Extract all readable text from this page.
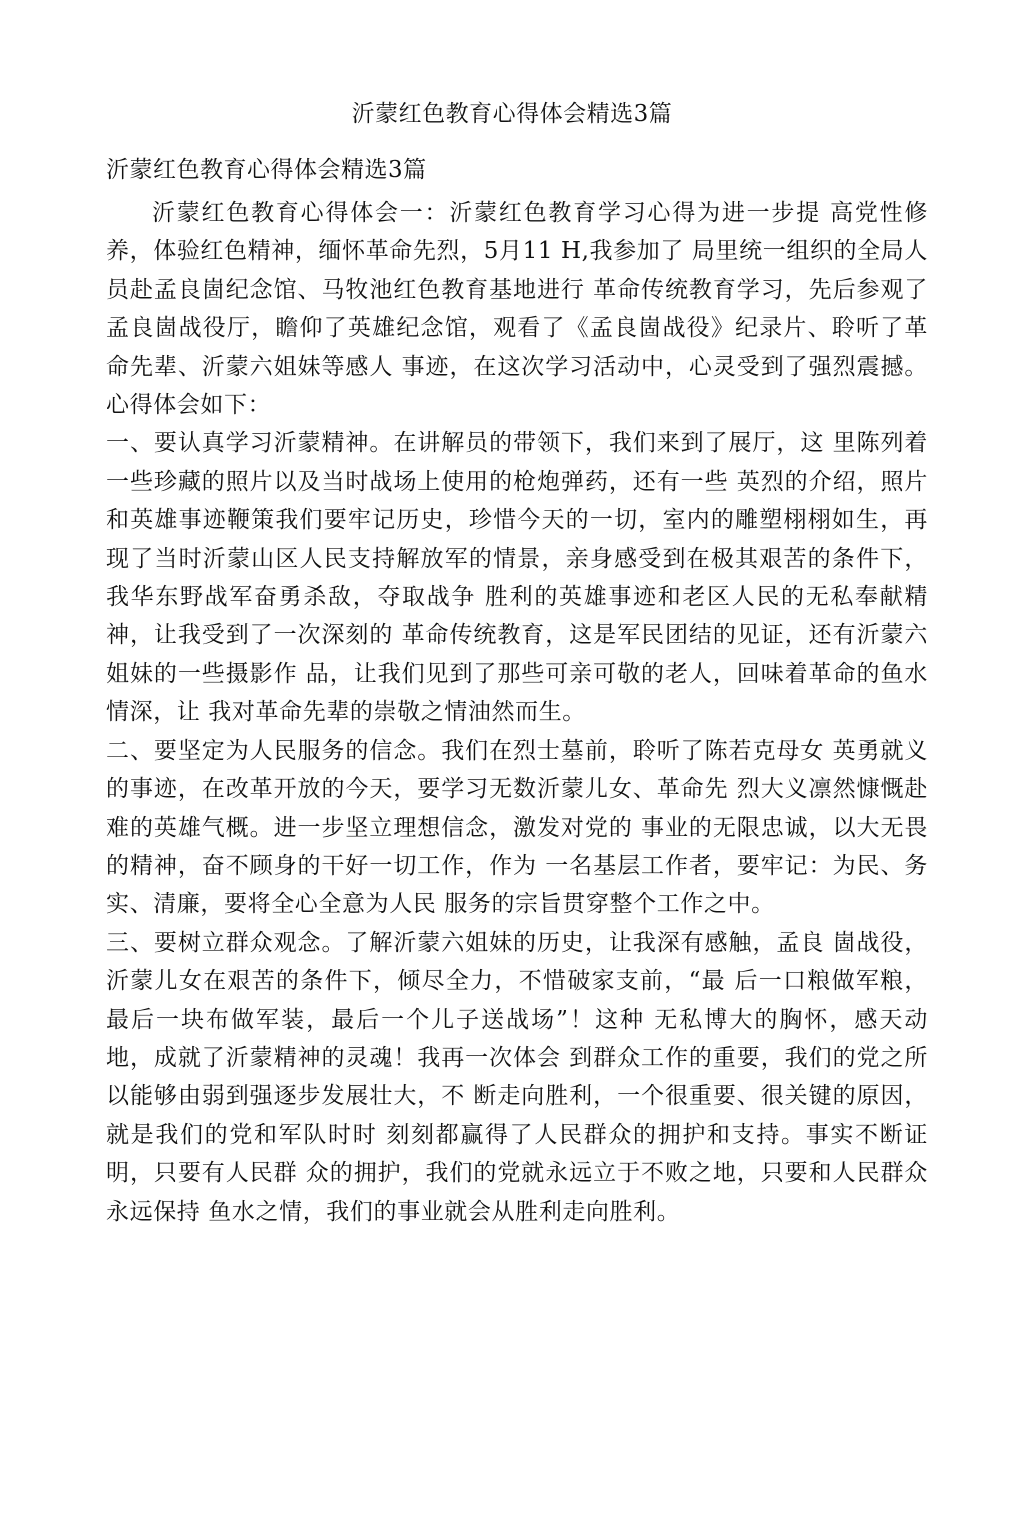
沂蒙红色教育心得体会精选3篇
沂蒙红色教育心得体会精选3篇

沂蒙红色教育心得体会一：沂蒙红色教育学习心得为进一步提 高党性修养，体验红色精神，缅怀革命先烈，5月11 H,我参加了 局里统一组织的全局人员赴孟良崮纪念馆、马牧池红色教育基地进行 革命传统教育学习，先后参观了孟良崮战役厅，瞻仰了英雄纪念馆，观看了《孟良崮战役》纪录片、聆听了革命先辈、沂蒙六姐妹等感人 事迹，在这次学习活动中，心灵受到了强烈震撼。心得体会如下：

一、要认真学习沂蒙精神。在讲解员的带领下，我们来到了展厅，这 里陈列着一些珍藏的照片以及当时战场上使用的枪炮弹药，还有一些 英烈的介绍，照片和英雄事迹鞭策我们要牢记历史，珍惜今天的一切，室内的雕塑栩栩如生，再现了当时沂蒙山区人民支持解放军的情景，亲身感受到在极其艰苦的条件下，我华东野战军奋勇杀敌，夺取战争 胜利的英雄事迹和老区人民的无私奉献精神，让我受到了一次深刻的 革命传统教育，这是军民团结的见证，还有沂蒙六姐妹的一些摄影作 品，让我们见到了那些可亲可敬的老人，回味着革命的鱼水情深，让 我对革命先辈的崇敬之情油然而生。

二、要坚定为人民服务的信念。我们在烈士墓前，聆听了陈若克母女 英勇就义的事迹，在改革开放的今天，要学习无数沂蒙儿女、革命先 烈大义凛然慷慨赴难的英雄气概。进一步坚立理想信念，激发对党的 事业的无限忠诚，以大无畏的精神，奋不顾身的干好一切工作，作为 一名基层工作者，要牢记：为民、务实、清廉，要将全心全意为人民 服务的宗旨贯穿整个工作之中。

三、要树立群众观念。了解沂蒙六姐妹的历史，让我深有感触，孟良 崮战役，沂蒙儿女在艰苦的条件下，倾尽全力，不惜破家支前，“最 后一口粮做军粮，最后一块布做军装，最后一个儿子送战场”！这种 无私博大的胸怀，感天动地，成就了沂蒙精神的灵魂！我再一次体会 到群众工作的重要，我们的党之所以能够由弱到强逐步发展壮大，不 断走向胜利，一个很重要、很关键的原因，就是我们的党和军队时时 刻刻都赢得了人民群众的拥护和支持。事实不断证明，只要有人民群 众的拥护，我们的党就永远立于不败之地，只要和人民群众永远保持 鱼水之情，我们的事业就会从胜利走向胜利。
